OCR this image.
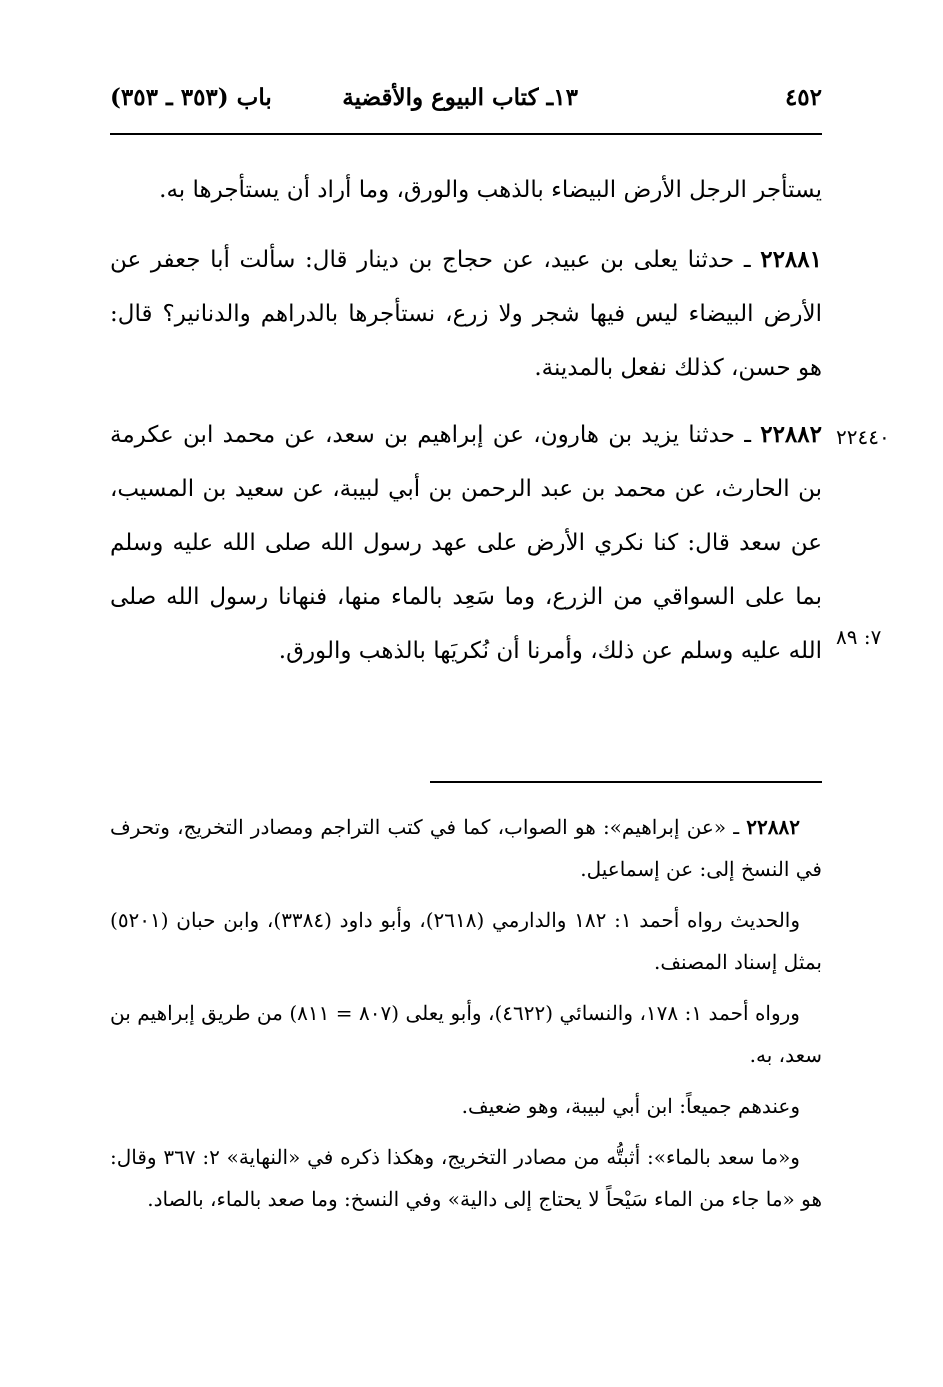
٤٥٢
١٣ـ كتاب البيوع والأقضية
باب (٣٥٣ ـ ٣٥٣)
يستأجر الرجل الأرض البيضاء بالذهب والورق، وما أراد أن يستأجرها به.
٢٢٨٨١ ـ حدثنا يعلى بن عبيد، عن حجاج بن دينار قال: سألت أبا جعفر عن الأرض البيضاء ليس فيها شجر ولا زرع، نستأجرها بالدراهم والدنانير؟ قال: هو حسن، كذلك نفعل بالمدينة.
٢٢٨٨٢ ـ حدثنا يزيد بن هارون، عن إبراهيم بن سعد، عن محمد ابن عكرمة بن الحارث، عن محمد بن عبد الرحمن بن أبي لبيبة، عن سعيد بن المسيب، عن سعد قال: كنا نكري الأرض على عهد رسول الله صلى الله عليه وسلم بما على السواقي من الزرع، وما سَعِد بالماء منها، فنهانا رسول الله صلى الله عليه وسلم عن ذلك، وأمرنا أن نُكريَها بالذهب والورق.
٢٢٤٤٠
٧: ٨٩

٢٢٨٨٢ ـ «عن إبراهيم»: هو الصواب، كما في كتب التراجم ومصادر التخريج، وتحرف في النسخ إلى: عن إسماعيل.

والحديث رواه أحمد ١: ١٨٢ والدارمي (٢٦١٨)، وأبو داود (٣٣٨٤)، وابن حبان (٥٢٠١) بمثل إسناد المصنف.

ورواه أحمد ١: ١٧٨، والنسائي (٤٦٢٢)، وأبو يعلى (٨٠٧ = ٨١١) من طريق إبراهيم بن سعد، به.

وعندهم جميعاً: ابن أبي لبيبة، وهو ضعيف.

و«ما سعد بالماء»: أثبتُّه من مصادر التخريج، وهكذا ذكره في «النهاية» ٢: ٣٦٧ وقال: هو «ما جاء من الماء سَيْحاً لا يحتاج إلى دالية» وفي النسخ: وما صعد بالماء، بالصاد.
